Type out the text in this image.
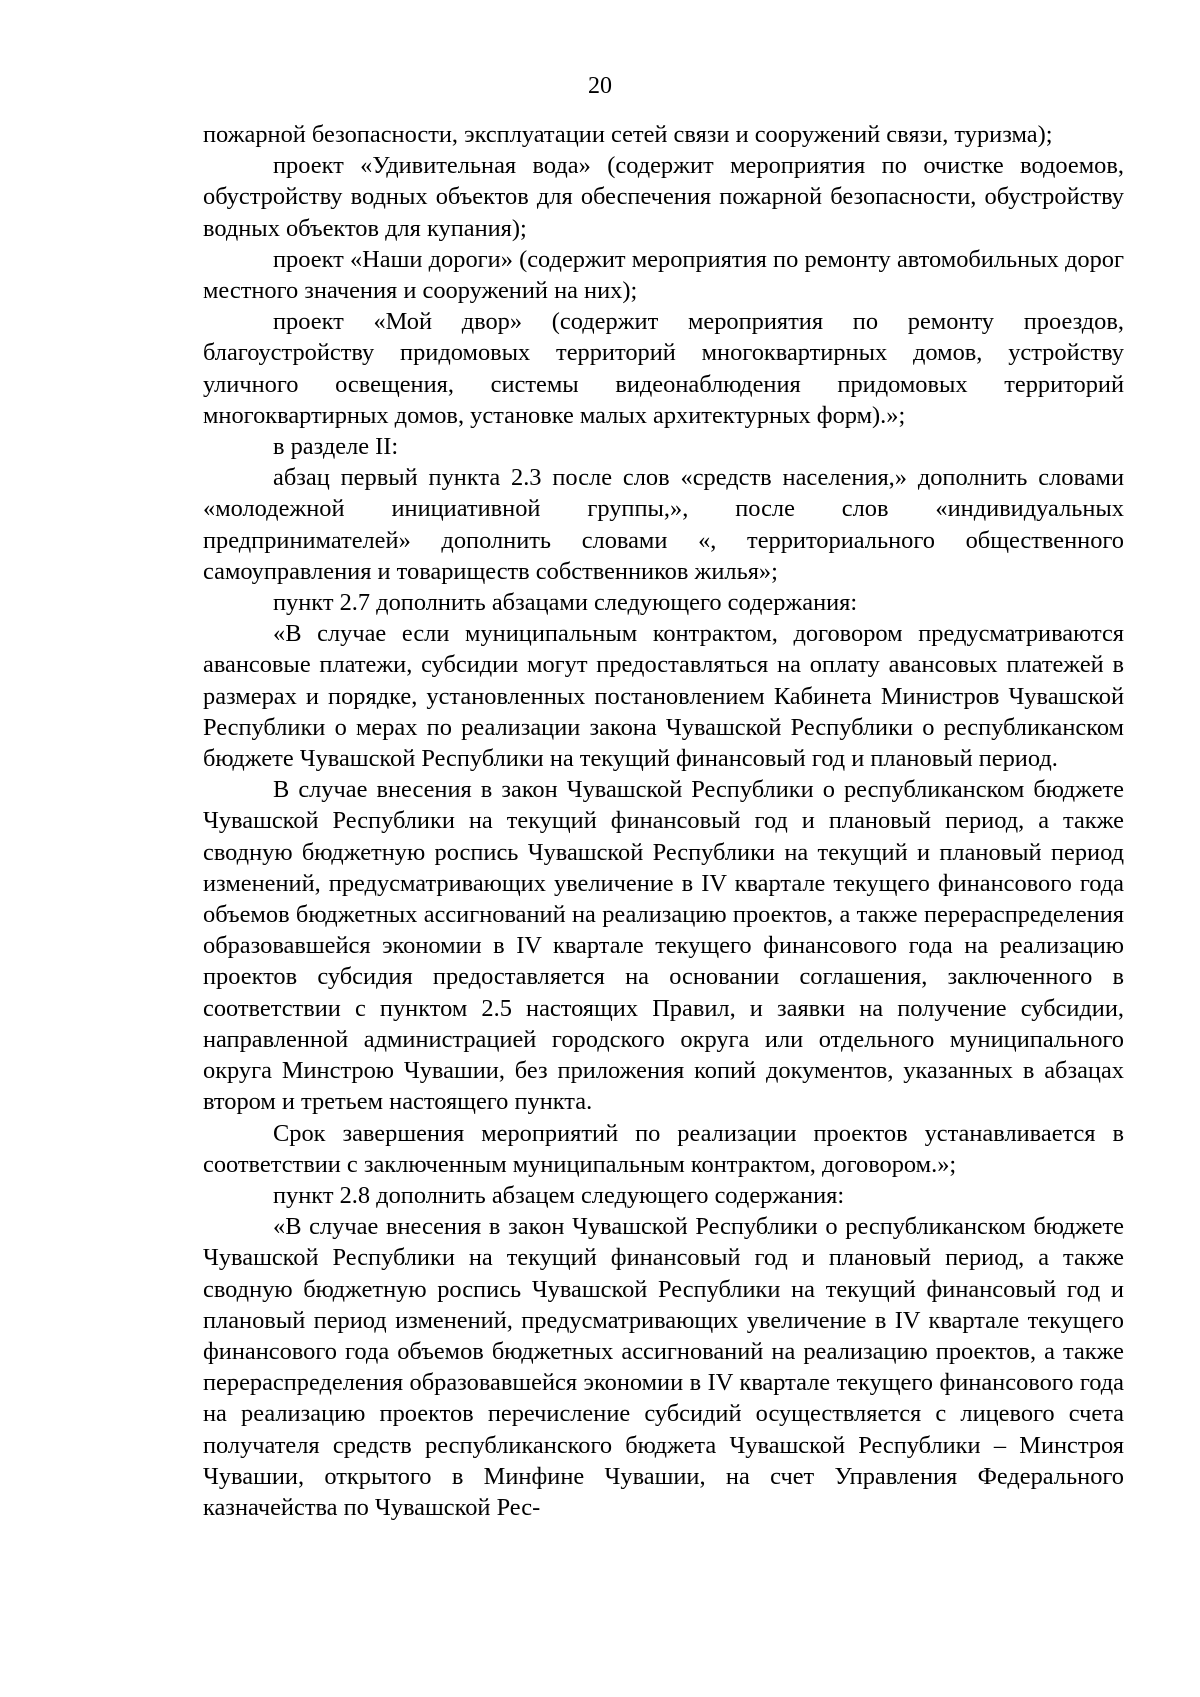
20

пожарной безопасности, эксплуатации сетей связи и сооружений связи, туризма);

проект «Удивительная вода» (содержит мероприятия по очистке водоемов, обустройству водных объектов для обеспечения пожарной безопасности, обустройству водных объектов для купания);

проект «Наши дороги» (содержит мероприятия по ремонту автомобильных дорог местного значения и сооружений на них);

проект «Мой двор» (содержит мероприятия по ремонту проездов, благоустройству придомовых территорий многоквартирных домов, устройству уличного освещения, системы видеонаблюдения придомовых территорий многоквартирных домов, установке малых архитектурных форм).»;

в разделе II:

абзац первый пункта 2.3 после слов «средств населения,» дополнить словами «молодежной инициативной группы,», после слов «индивидуальных предпринимателей» дополнить словами «, территориального общественного самоуправления и товариществ собственников жилья»;

пункт 2.7 дополнить абзацами следующего содержания:

«В случае если муниципальным контрактом, договором предусматриваются авансовые платежи, субсидии могут предоставляться на оплату авансовых платежей в размерах и порядке, установленных постановлением Кабинета Министров Чувашской Республики о мерах по реализации закона Чувашской Республики о республиканском бюджете Чувашской Республики на текущий финансовый год и плановый период.

В случае внесения в закон Чувашской Республики о республиканском бюджете Чувашской Республики на текущий финансовый год и плановый период, а также сводную бюджетную роспись Чувашской Республики на текущий и плановый период изменений, предусматривающих увеличение в IV квартале текущего финансового года объемов бюджетных ассигнований на реализацию проектов, а также перераспределения образовавшейся экономии в IV квартале текущего финансового года на реализацию проектов субсидия предоставляется на основании соглашения, заключенного в соответствии с пунктом 2.5 настоящих Правил, и заявки на получение субсидии, направленной администрацией городского округа или отдельного муниципального округа Минстрою Чувашии, без приложения копий документов, указанных в абзацах втором и третьем настоящего пункта.

Срок завершения мероприятий по реализации проектов устанавливается в соответствии с заключенным муниципальным контрактом, договором.»;

пункт 2.8 дополнить абзацем следующего содержания:

«В случае внесения в закон Чувашской Республики о республиканском бюджете Чувашской Республики на текущий финансовый год и плановый период, а также сводную бюджетную роспись Чувашской Республики на текущий финансовый год и плановый период изменений, предусматривающих увеличение в IV квартале текущего финансового года объемов бюджетных ассигнований на реализацию проектов, а также перераспределения образовавшейся экономии в IV квартале текущего финансового года на реализацию проектов перечисление субсидий осуществляется с лицевого счета получателя средств республиканского бюджета Чувашской Республики – Минстроя Чувашии, открытого в Минфине Чувашии, на счет Управления Федерального казначейства по Чувашской Рес-
